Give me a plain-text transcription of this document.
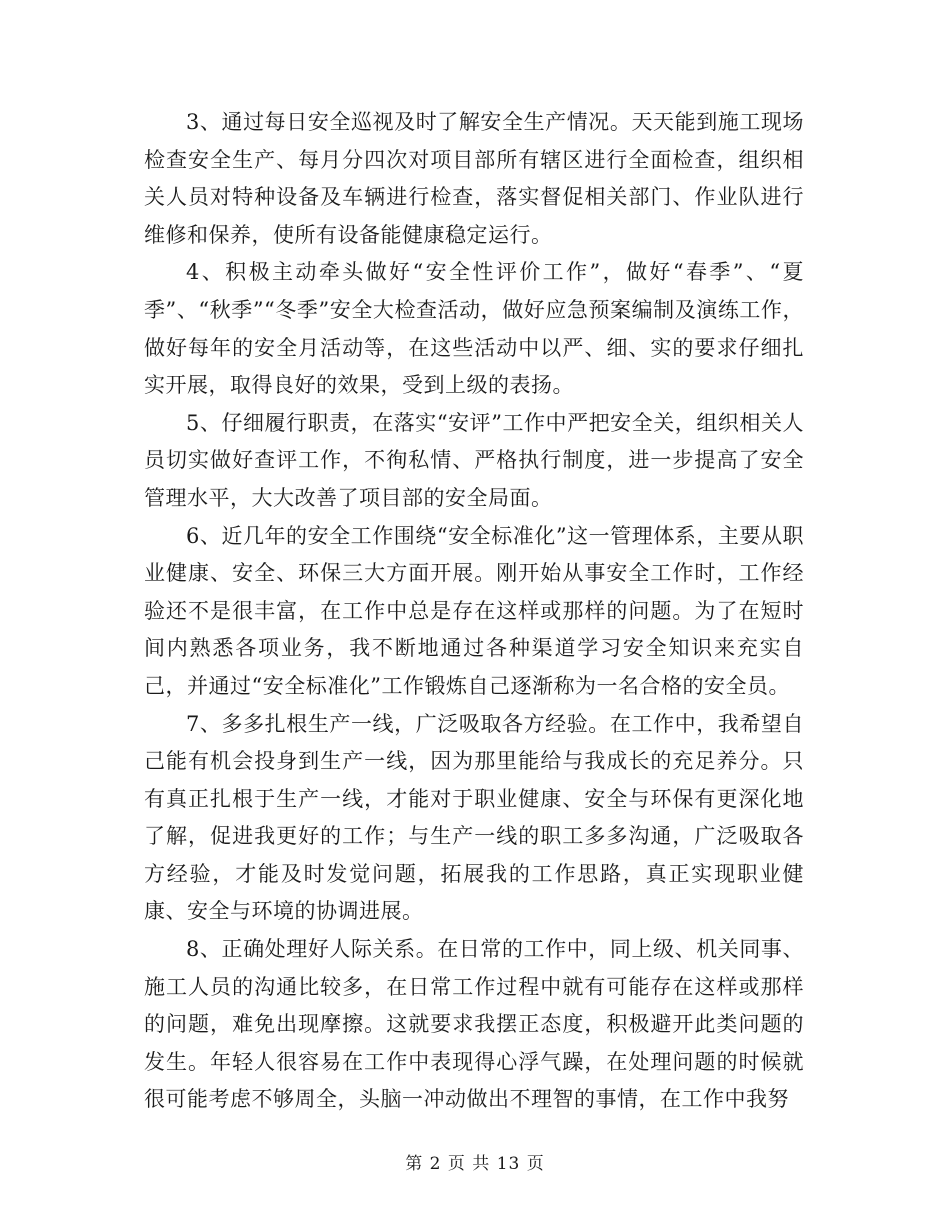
3、通过每日安全巡视及时了解安全生产情况。天天能到施工现场检查安全生产、每月分四次对项目部所有辖区进行全面检查，组织相关人员对特种设备及车辆进行检查，落实督促相关部门、作业队进行维修和保养，使所有设备能健康稳定运行。

4、积极主动牵头做好“安全性评价工作”，做好“春季”、“夏季”、“秋季”“冬季”安全大检查活动，做好应急预案编制及演练工作，做好每年的安全月活动等，在这些活动中以严、细、实的要求仔细扎实开展，取得良好的效果，受到上级的表扬。

5、仔细履行职责，在落实“安评”工作中严把安全关，组织相关人员切实做好查评工作，不徇私情、严格执行制度，进一步提高了安全管理水平，大大改善了项目部的安全局面。

6、近几年的安全工作围绕“安全标准化”这一管理体系，主要从职业健康、安全、环保三大方面开展。刚开始从事安全工作时，工作经验还不是很丰富，在工作中总是存在这样或那样的问题。为了在短时间内熟悉各项业务，我不断地通过各种渠道学习安全知识来充实自己，并通过“安全标准化”工作锻炼自己逐渐称为一名合格的安全员。

7、多多扎根生产一线，广泛吸取各方经验。在工作中，我希望自己能有机会投身到生产一线，因为那里能给与我成长的充足养分。只有真正扎根于生产一线，才能对于职业健康、安全与环保有更深化地了解，促进我更好的工作；与生产一线的职工多多沟通，广泛吸取各方经验，才能及时发觉问题，拓展我的工作思路，真正实现职业健康、安全与环境的协调进展。

8、正确处理好人际关系。在日常的工作中，同上级、机关同事、施工人员的沟通比较多，在日常工作过程中就有可能存在这样或那样的问题，难免出现摩擦。这就要求我摆正态度，积极避开此类问题的发生。年轻人很容易在工作中表现得心浮气躁，在处理问题的时候就很可能考虑不够周全，头脑一冲动做出不理智的事情，在工作中我努

第 2 页 共 13 页
